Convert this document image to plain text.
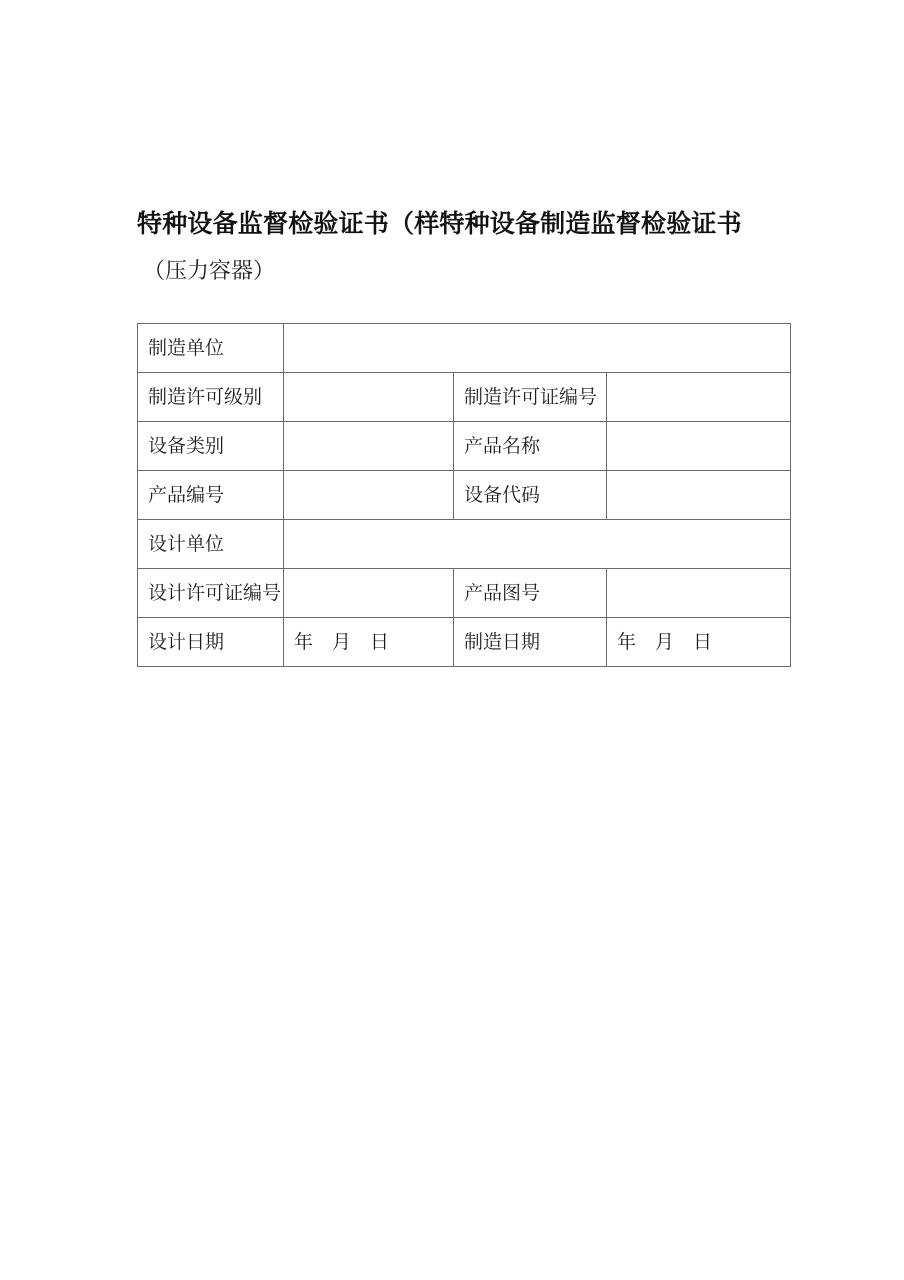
特种设备监督检验证书（样特种设备制造监督检验证书

（压力容器）

制造单位			
制造许可级别		制造许可证编号	
设备类别		产品名称	
产品编号		设备代码	
设计单位			
设计许可证编号		产品图号	
设计日期	年　月　日	制造日期	年　月　日
